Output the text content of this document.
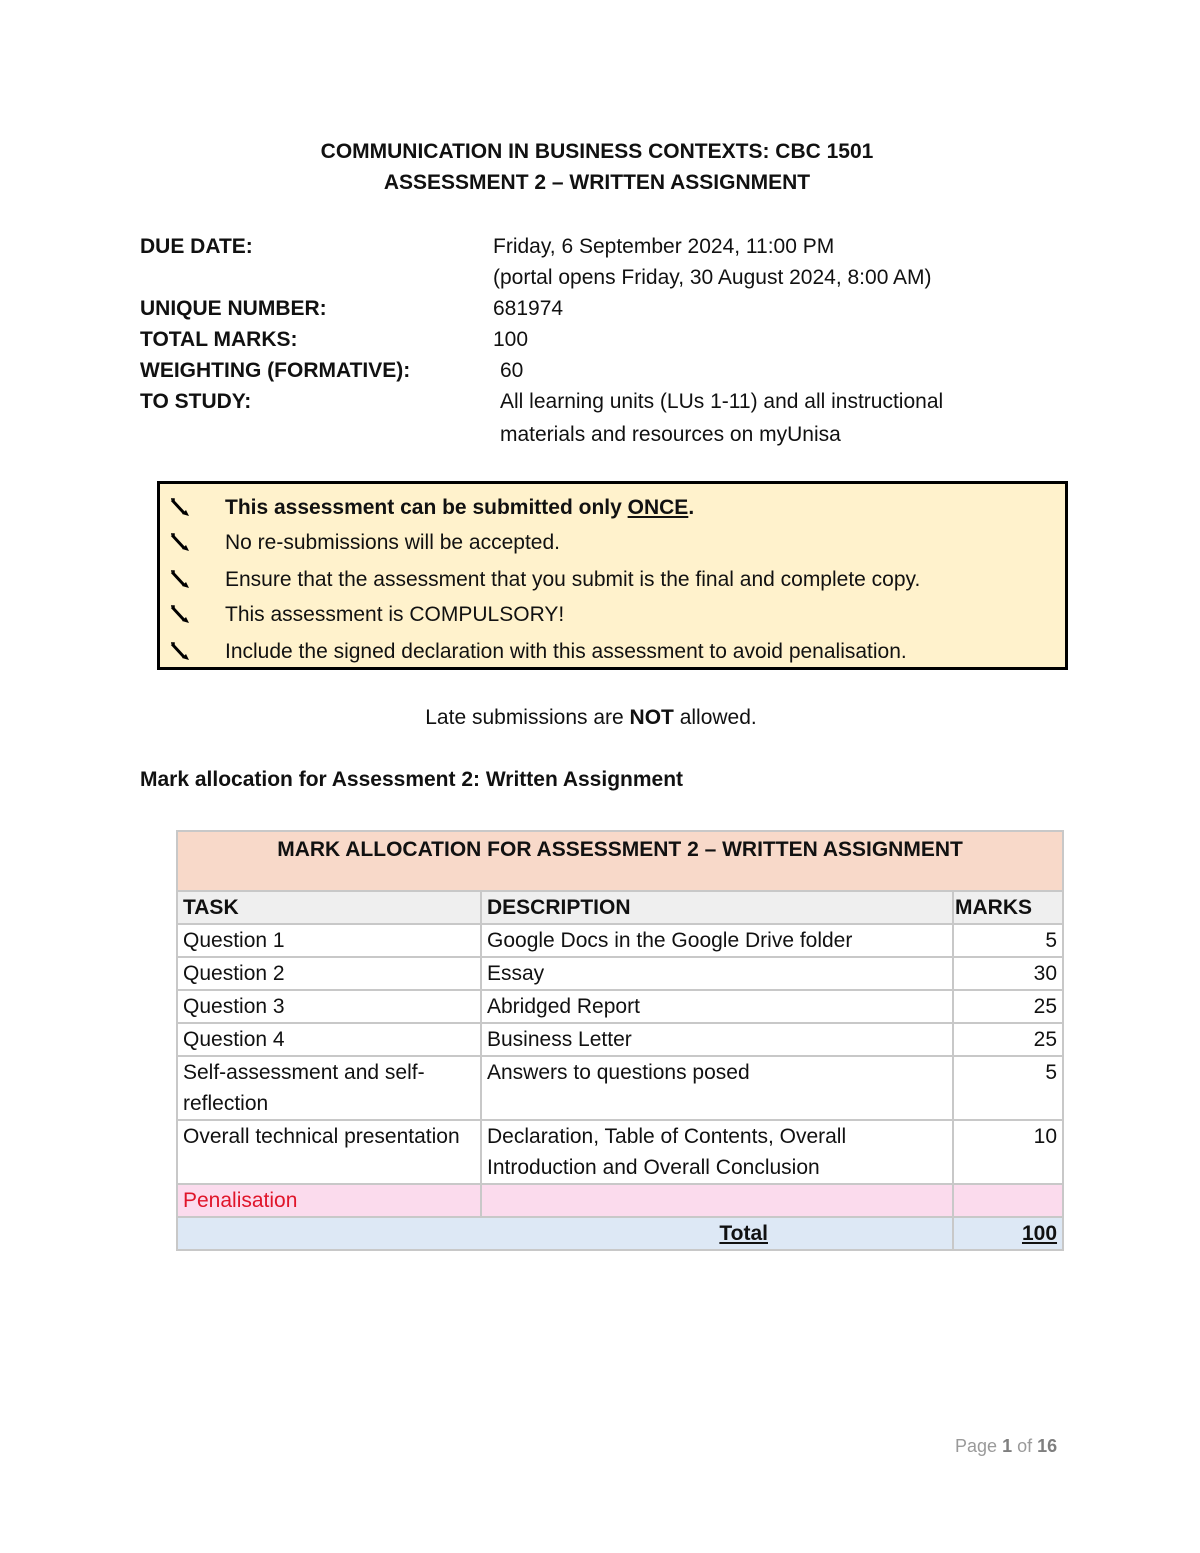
COMMUNICATION IN BUSINESS CONTEXTS: CBC 1501
ASSESSMENT 2 – WRITTEN ASSIGNMENT
DUE DATE:	Friday, 6 September 2024, 11:00 PM
(portal opens Friday, 30 August 2024, 8:00 AM)
UNIQUE NUMBER:	681974
TOTAL MARKS:	100
WEIGHTING (FORMATIVE):	60
TO STUDY:	All learning units (LUs 1-11) and all instructional
materials and resources on myUnisa
This assessment can be submitted only ONCE.
No re-submissions will be accepted.
Ensure that the assessment that you submit is the final and complete copy.
This assessment is COMPULSORY!
Include the signed declaration with this assessment to avoid penalisation.
Late submissions are NOT allowed.
Mark allocation for Assessment 2: Written Assignment
MARK ALLOCATION FOR ASSESSMENT 2 – WRITTEN ASSIGNMENT		

TASK	DESCRIPTION	MARKS
Question 1	Google Docs in the Google Drive folder	5
Question 2	Essay	30
Question 3	Abridged Report	25
Question 4	Business Letter	25
Self-assessment and self-reflection	Answers to questions posed	5
Overall technical presentation	Declaration, Table of Contents, Overall Introduction and Overall Conclusion	10
Penalisation		
Total		100
Page 1 of 16
